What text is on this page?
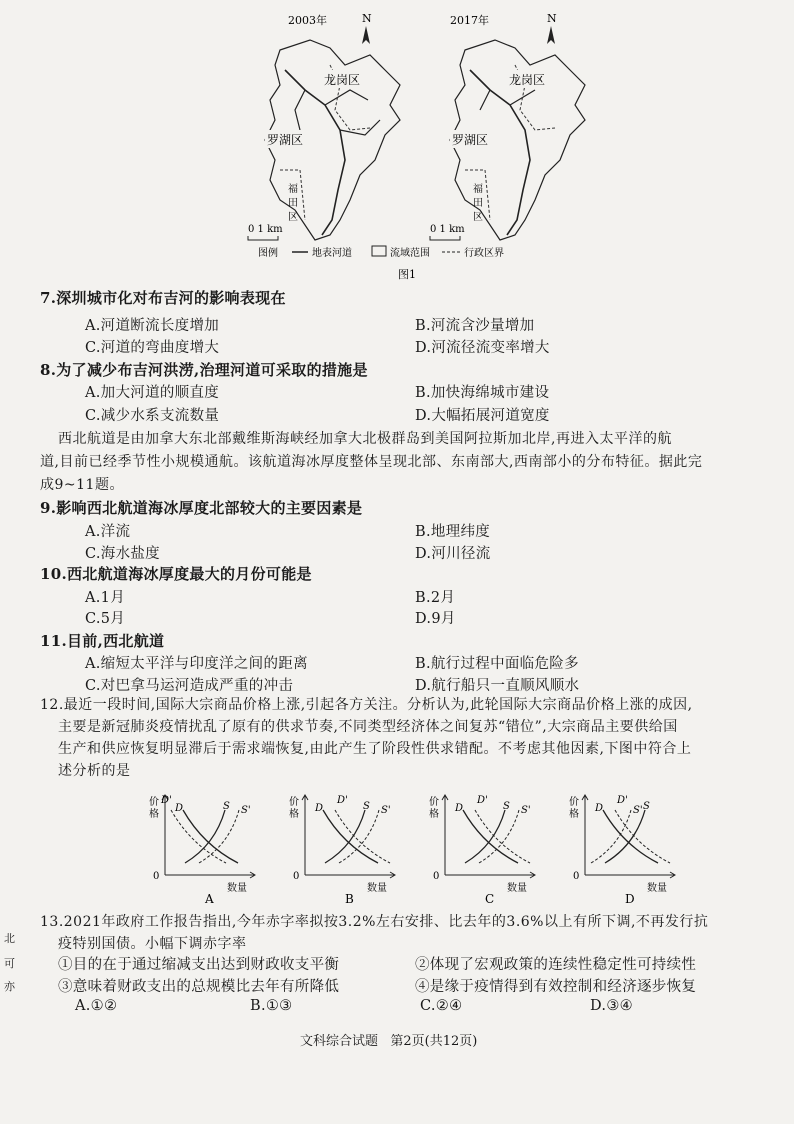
龙岗区
罗湖区
福
田
区
N
龙岗区
罗湖区
福
田
区
N
2003年	2017年
0 1 km	0 1 km
图例	地表河道	流域范围	行政区界
图1
7.深圳城市化对布吉河的影响表现在
A.河道断流长度增加	B.河流含沙量增加
C.河道的弯曲度增大	D.河流径流变率增大
8.为了减少布吉河洪涝,治理河道可采取的措施是
A.加大河道的顺直度	B.加快海绵城市建设
C.减少水系支流数量	D.大幅拓展河道宽度
西北航道是由加拿大东北部戴维斯海峡经加拿大北极群岛到美国阿拉斯加北岸,再进入太平洋的航
道,目前已经季节性小规模通航。该航道海冰厚度整体呈现北部、东南部大,西南部小的分布特征。据此完
成9~11题。
9.影响西北航道海冰厚度北部较大的主要因素是
A.洋流	B.地理纬度
C.海水盐度	D.河川径流
10.西北航道海冰厚度最大的月份可能是
A.1月	B.2月
C.5月	D.9月
11.目前,西北航道
A.缩短太平洋与印度洋之间的距离	B.航行过程中面临危险多
C.对巴拿马运河造成严重的冲击	D.航行船只一直顺风顺水
12.最近一段时间,国际大宗商品价格上涨,引起各方关注。分析认为,此轮国际大宗商品价格上涨的成因,
主要是新冠肺炎疫情扰乱了原有的供求节奏,不同类型经济体之间复苏“错位”,大宗商品主要供给国
生产和供应恢复明显滞后于需求端恢复,由此产生了阶段性供求错配。不考虑其他因素,下图中符合上
述分析的是
价
格
0
数量
D
D'
S S'
A
价
格
0
数量
D
D'
S S'
B
价
格
0
数量
D
D'
S S'
C
价
格
0
数量
D
D'
S
S'
D
13.2021年政府工作报告指出,今年赤字率拟按3.2%左右安排、比去年的3.6%以上有所下调,不再发行抗
疫特别国债。小幅下调赤字率
①目的在于通过缩减支出达到财政收支平衡	②体现了宏观政策的连续性稳定性可持续性
③意味着财政支出的总规模比去年有所降低	④是缘于疫情得到有效控制和经济逐步恢复
A.①②	B.①③	C.②④	D.③④
文科综合试题   第2页(共12页)
北
可
亦
